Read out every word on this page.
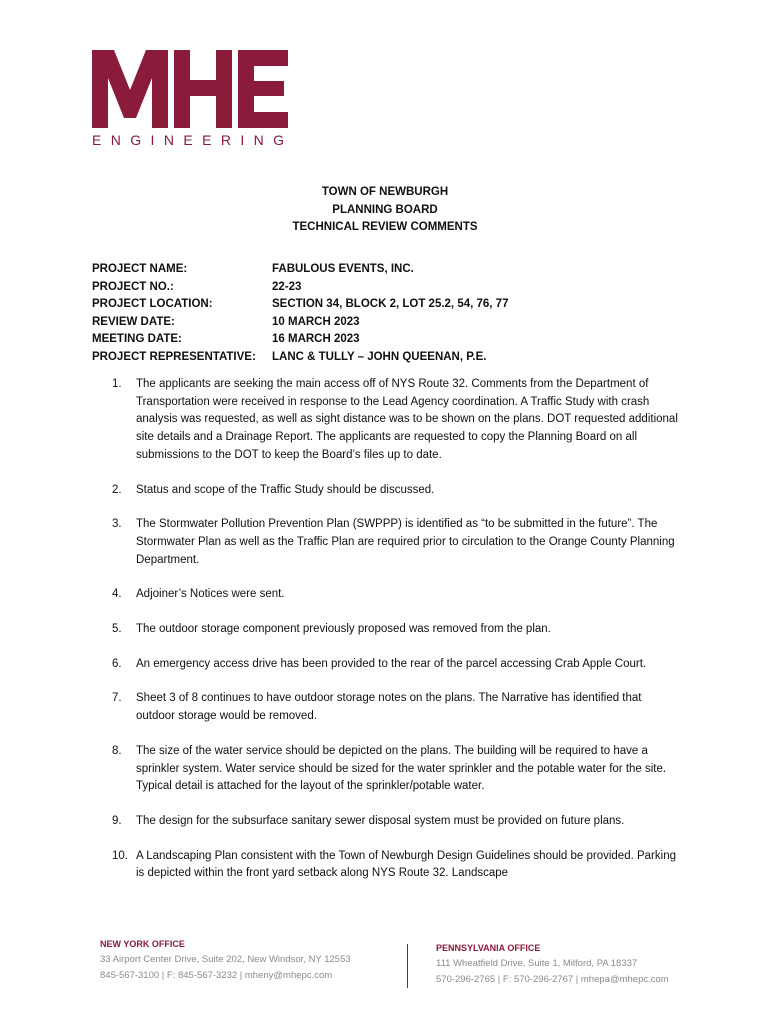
ENGINEERING
TOWN OF NEWBURGH
PLANNING BOARD
TECHNICAL REVIEW COMMENTS
PROJECT NAME:	FABULOUS EVENTS, INC.
PROJECT NO.:	22-23
PROJECT LOCATION:	SECTION 34, BLOCK 2, LOT 25.2, 54, 76, 77
REVIEW DATE:	10 MARCH 2023
MEETING DATE:	16 MARCH 2023
PROJECT REPRESENTATIVE:	LANC & TULLY – JOHN QUEENAN, P.E.
1.	The applicants are seeking the main access off of NYS Route 32. Comments from the Department of Transportation were received in response to the Lead Agency coordination. A Traffic Study with crash analysis was requested, as well as sight distance was to be shown on the plans. DOT requested additional site details and a Drainage Report. The applicants are requested to copy the Planning Board on all submissions to the DOT to keep the Board’s files up to date.
2.	Status and scope of the Traffic Study should be discussed.
3.	The Stormwater Pollution Prevention Plan (SWPPP) is identified as “to be submitted in the future”. The Stormwater Plan as well as the Traffic Plan are required prior to circulation to the Orange County Planning Department.
4.	Adjoiner’s Notices were sent.
5.	The outdoor storage component previously proposed was removed from the plan.
6.	An emergency access drive has been provided to the rear of the parcel accessing Crab Apple Court.
7.	Sheet 3 of 8 continues to have outdoor storage notes on the plans. The Narrative has identified that outdoor storage would be removed.
8.	The size of the water service should be depicted on the plans. The building will be required to have a sprinkler system. Water service should be sized for the water sprinkler and the potable water for the site. Typical detail is attached for the layout of the sprinkler/potable water.
9.	The design for the subsurface sanitary sewer disposal system must be provided on future plans.
10. A Landscaping Plan consistent with the Town of Newburgh Design Guidelines should be provided. Parking is depicted within the front yard setback along NYS Route 32. Landscape
NEW YORK OFFICE
33 Airport Center Drive, Suite 202, New Windsor, NY 12553
845-567-3100 | F: 845-567-3232 | mheny@mhepc.com
PENNSYLVANIA OFFICE
111 Wheatfield Drive, Suite 1, Milford, PA 18337
570-296-2765 | F: 570-296-2767 | mhepa@mhepc.com
